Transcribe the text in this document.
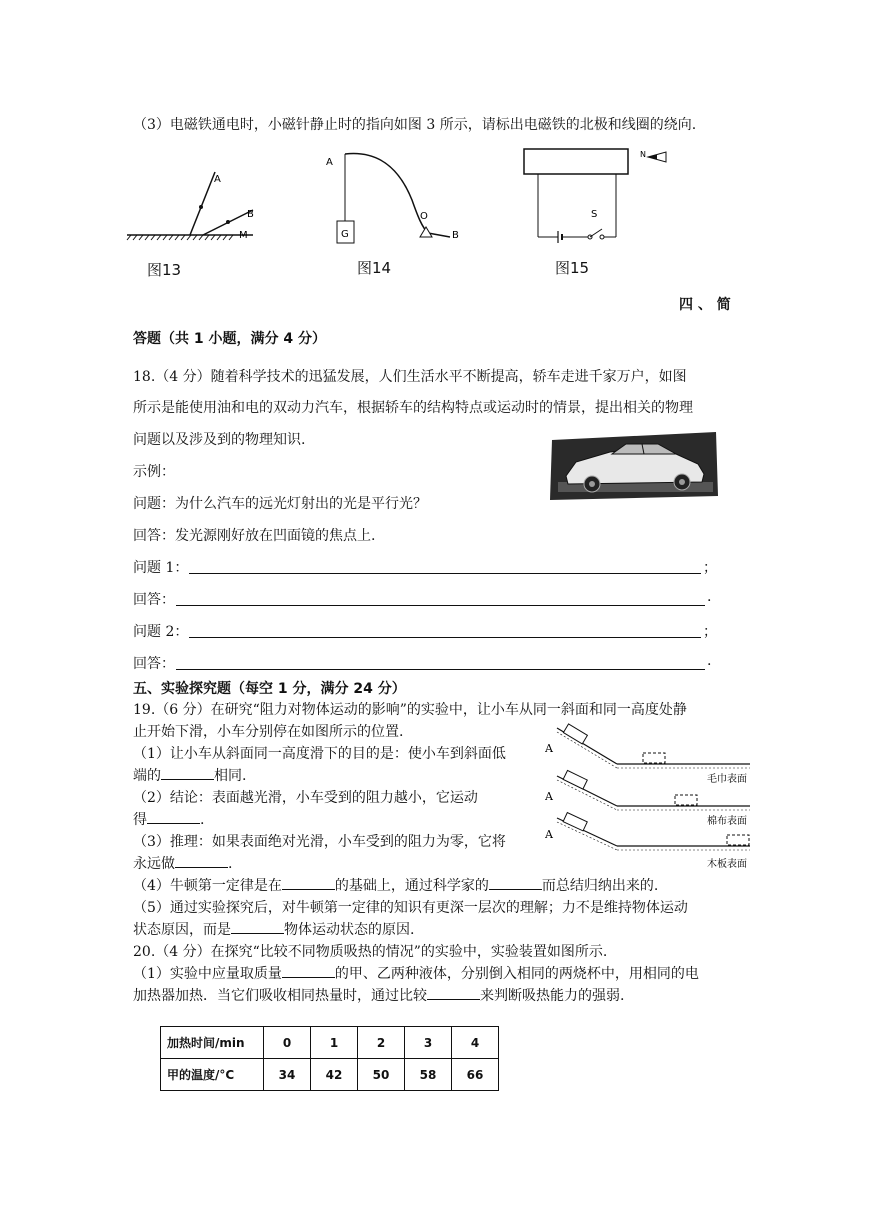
（3）电磁铁通电时，小磁针静止时的指向如图 3 所示，请标出电磁铁的北极和线圈的绕向.
A
B
M
图13
A
G
O
B
图14
S
N
图15
四 、 简
答题（共 1 小题，满分 4 分）
18.（4 分）随着科学技术的迅猛发展，人们生活水平不断提高，轿车走进千家万户，如图
所示是能使用油和电的双动力汽车，根据轿车的结构特点或运动时的情景，提出相关的物理
问题以及涉及到的物理知识.
示例：
问题：为什么汽车的远光灯射出的光是平行光？
回答：发光源刚好放在凹面镜的焦点上.
问题 1：	；
回答：	.
问题 2：	；
回答：	.
五、实验探究题（每空 1 分，满分 24 分）
19.（6 分）在研究“阻力对物体运动的影响”的实验中，让小车从同一斜面和同一高度处静
止开始下滑，小车分别停在如图所示的位置.
（1）让小车从斜面同一高度滑下的目的是：使小车到斜面低
端的	相同.
（2）结论：表面越光滑，小车受到的阻力越小，它运动
得	.
（3）推理：如果表面绝对光滑，小车受到的阻力为零，它将
永远做	.
（4）牛顿第一定律是在	的基础上，通过科学家的	而总结归纳出来的.
（5）通过实验探究后，对牛顿第一定律的知识有更深一层次的理解；力不是维持物体运动
状态原因，而是	物体运动状态的原因.
A
毛巾表面
A
棉布表面
A
木板表面
20.（4 分）在探究“比较不同物质吸热的情况”的实验中，实验装置如图所示.
（1）实验中应量取质量	的甲、乙两种液体，分别倒入相同的两烧杯中，用相同的电
加热器加热．当它们吸收相同热量时，通过比较	来判断吸热能力的强弱.
加热时间/min	0	1	2	3	4
甲的温度/°C	34	42	50	58	66
